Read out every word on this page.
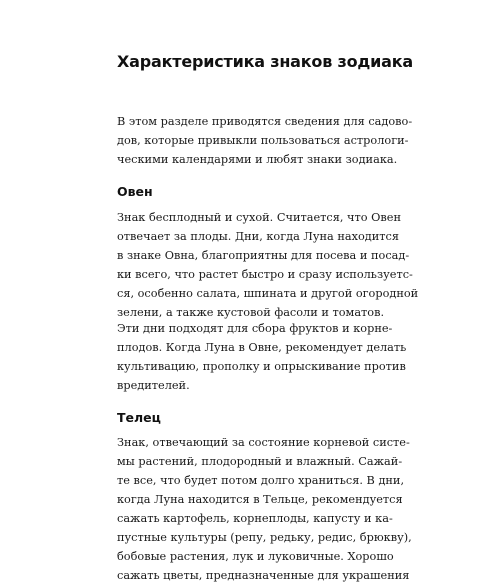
Характеристика знаков зодиака

В этом разделе приводятся сведения для садово-
дов, которые привыкли пользоваться астрологи-
ческими календарями и любят знаки зодиака.

Овен

Знак бесплодный и сухой. Считается, что Овен
отвечает за плоды. Дни, когда Луна находится
в знаке Овна, благоприятны для посева и посад-
ки всего, что растет быстро и сразу используетс-
ся, особенно салата, шпината и другой огородной
зелени, а также кустовой фасоли и томатов.

Эти дни подходят для сбора фруктов и корне-
плодов. Когда Луна в Овне, рекомендует делать
культивацию, прополку и опрыскивание против
вредителей.

Телец

Знак, отвечающий за состояние корневой систе-
мы растений, плодородный и влажный. Сажай-
те все, что будет потом долго храниться. В дни,
когда Луна находится в Тельце, рекомендуется
сажать картофель, корнеплоды, капусту и ка-
пустные культуры (репу, редьку, редис, брюкву),
бобовые растения, лук и луковичные. Хорошо
сажать цветы, предназначенные для украшения
